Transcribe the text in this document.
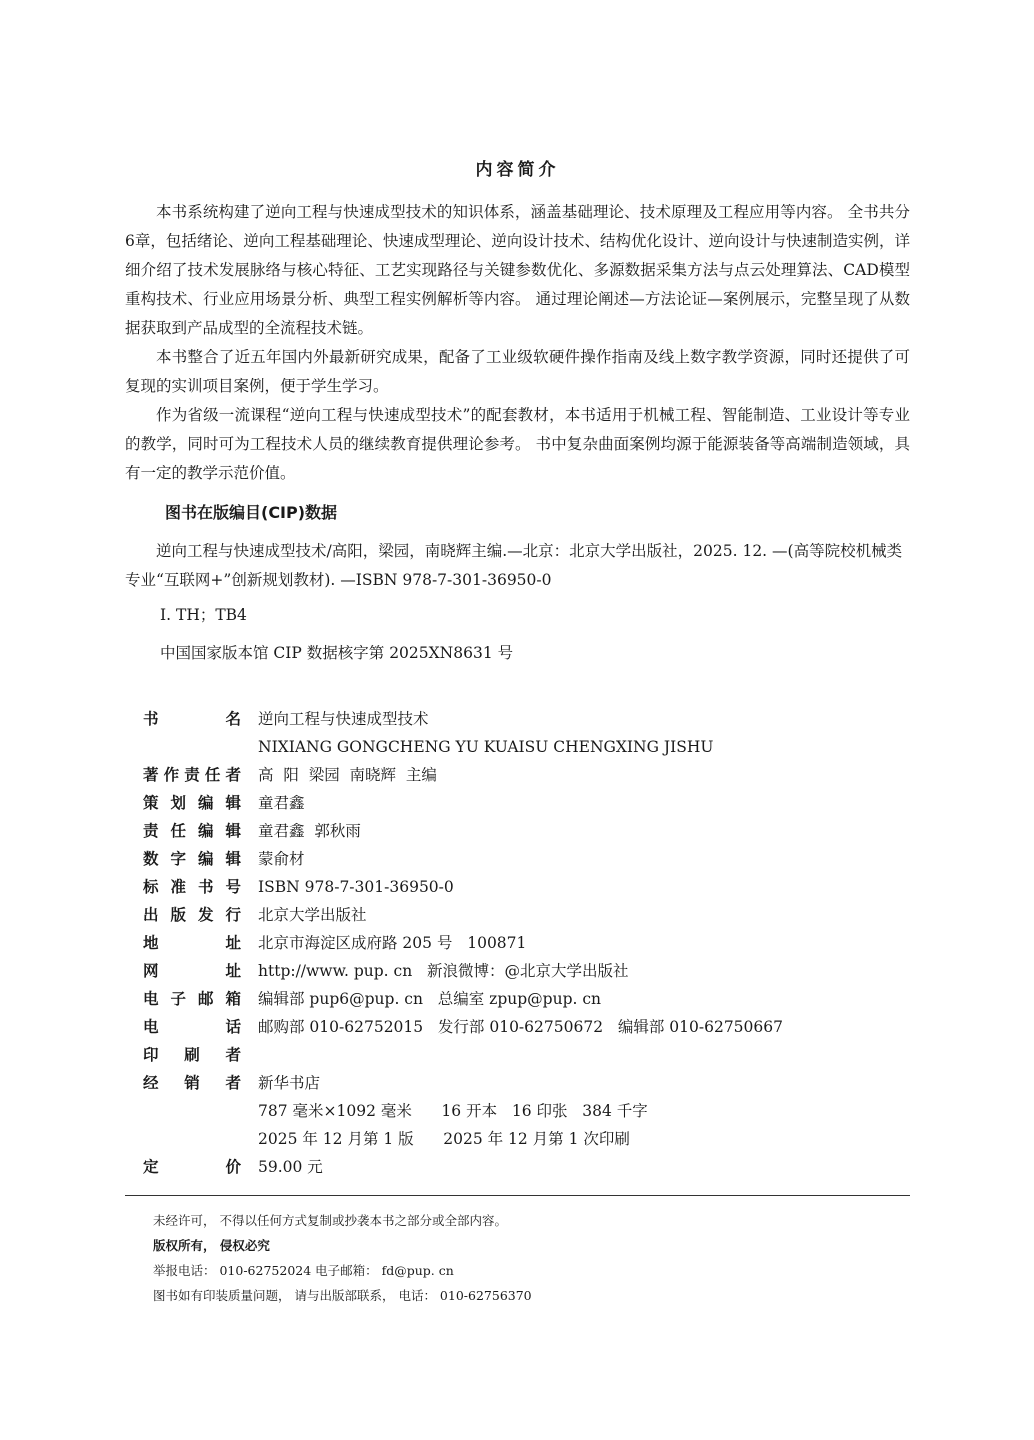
内容简介

本书系统构建了逆向工程与快速成型技术的知识体系，涵盖基础理论、技术原理及工程应用等内容。 全书共分6章，包括绪论、逆向工程基础理论、快速成型理论、逆向设计技术、结构优化设计、逆向设计与快速制造实例，详细介绍了技术发展脉络与核心特征、工艺实现路径与关键参数优化、多源数据采集方法与点云处理算法、CAD模型重构技术、行业应用场景分析、典型工程实例解析等内容。 通过理论阐述—方法论证—案例展示，完整呈现了从数据获取到产品成型的全流程技术链。

本书整合了近五年国内外最新研究成果，配备了工业级软硬件操作指南及线上数字教学资源，同时还提供了可复现的实训项目案例，便于学生学习。

作为省级一流课程“逆向工程与快速成型技术”的配套教材，本书适用于机械工程、智能制造、工业设计等专业的教学，同时可为工程技术人员的继续教育提供理论参考。 书中复杂曲面案例均源于能源装备等高端制造领域，具有一定的教学示范价值。

图书在版编目(CIP)数据

逆向工程与快速成型技术/高阳，梁园，南晓辉主编.—北京：北京大学出版社，2025. 12. —(高等院校机械类专业“互联网+”创新规划教材). —ISBN 978-7-301-36950-0

Ⅰ. TH；TB4
中国国家版本馆 CIP 数据核字第 2025XN8631 号
书名 逆向工程与快速成型技术
NIXIANG GONGCHENG YU KUAISU CHENGXING JISHU
著作责任者 高  阳  梁园  南晓辉  主编
策划编辑 童君鑫
责任编辑 童君鑫  郭秋雨
数字编辑 蒙俞材
标准书号 ISBN 978-7-301-36950-0
出版发行 北京大学出版社
地址 北京市海淀区成府路 205 号   100871
网址 http://www. pup. cn   新浪微博：@北京大学出版社
电子邮箱 编辑部 pup6@pup. cn   总编室 zpup@pup. cn
电话 邮购部 010-62752015   发行部 010-62750672   编辑部 010-62750667
印刷者
经销者 新华书店
787 毫米×1092 毫米      16 开本   16 印张   384 千字
2025 年 12 月第 1 版      2025 年 12 月第 1 次印刷
定价 59.00 元
未经许可， 不得以任何方式复制或抄袭本书之部分或全部内容。
版权所有， 侵权必究
举报电话： 010-62752024 电子邮箱： fd@pup. cn
图书如有印装质量问题， 请与出版部联系， 电话： 010-62756370
